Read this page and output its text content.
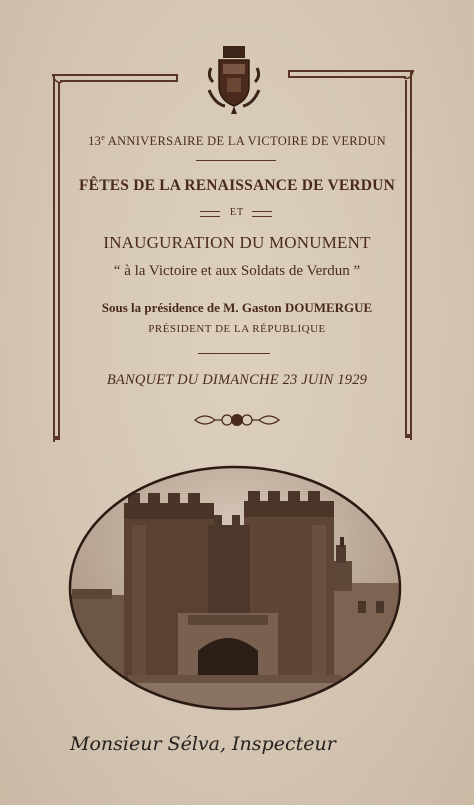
13e ANNIVERSAIRE DE LA VICTOIRE DE VERDUN
FÊTES DE LA RENAISSANCE DE VERDUN
ET
INAUGURATION DU MONUMENT
“ à la Victoire et aux Soldats de Verdun ”
Sous la présidence de M. Gaston DOUMERGUE
PRÉSIDENT DE LA RÉPUBLIQUE
BANQUET DU DIMANCHE 23 JUIN 1929
Monsieur Sélva, Inspecteur
